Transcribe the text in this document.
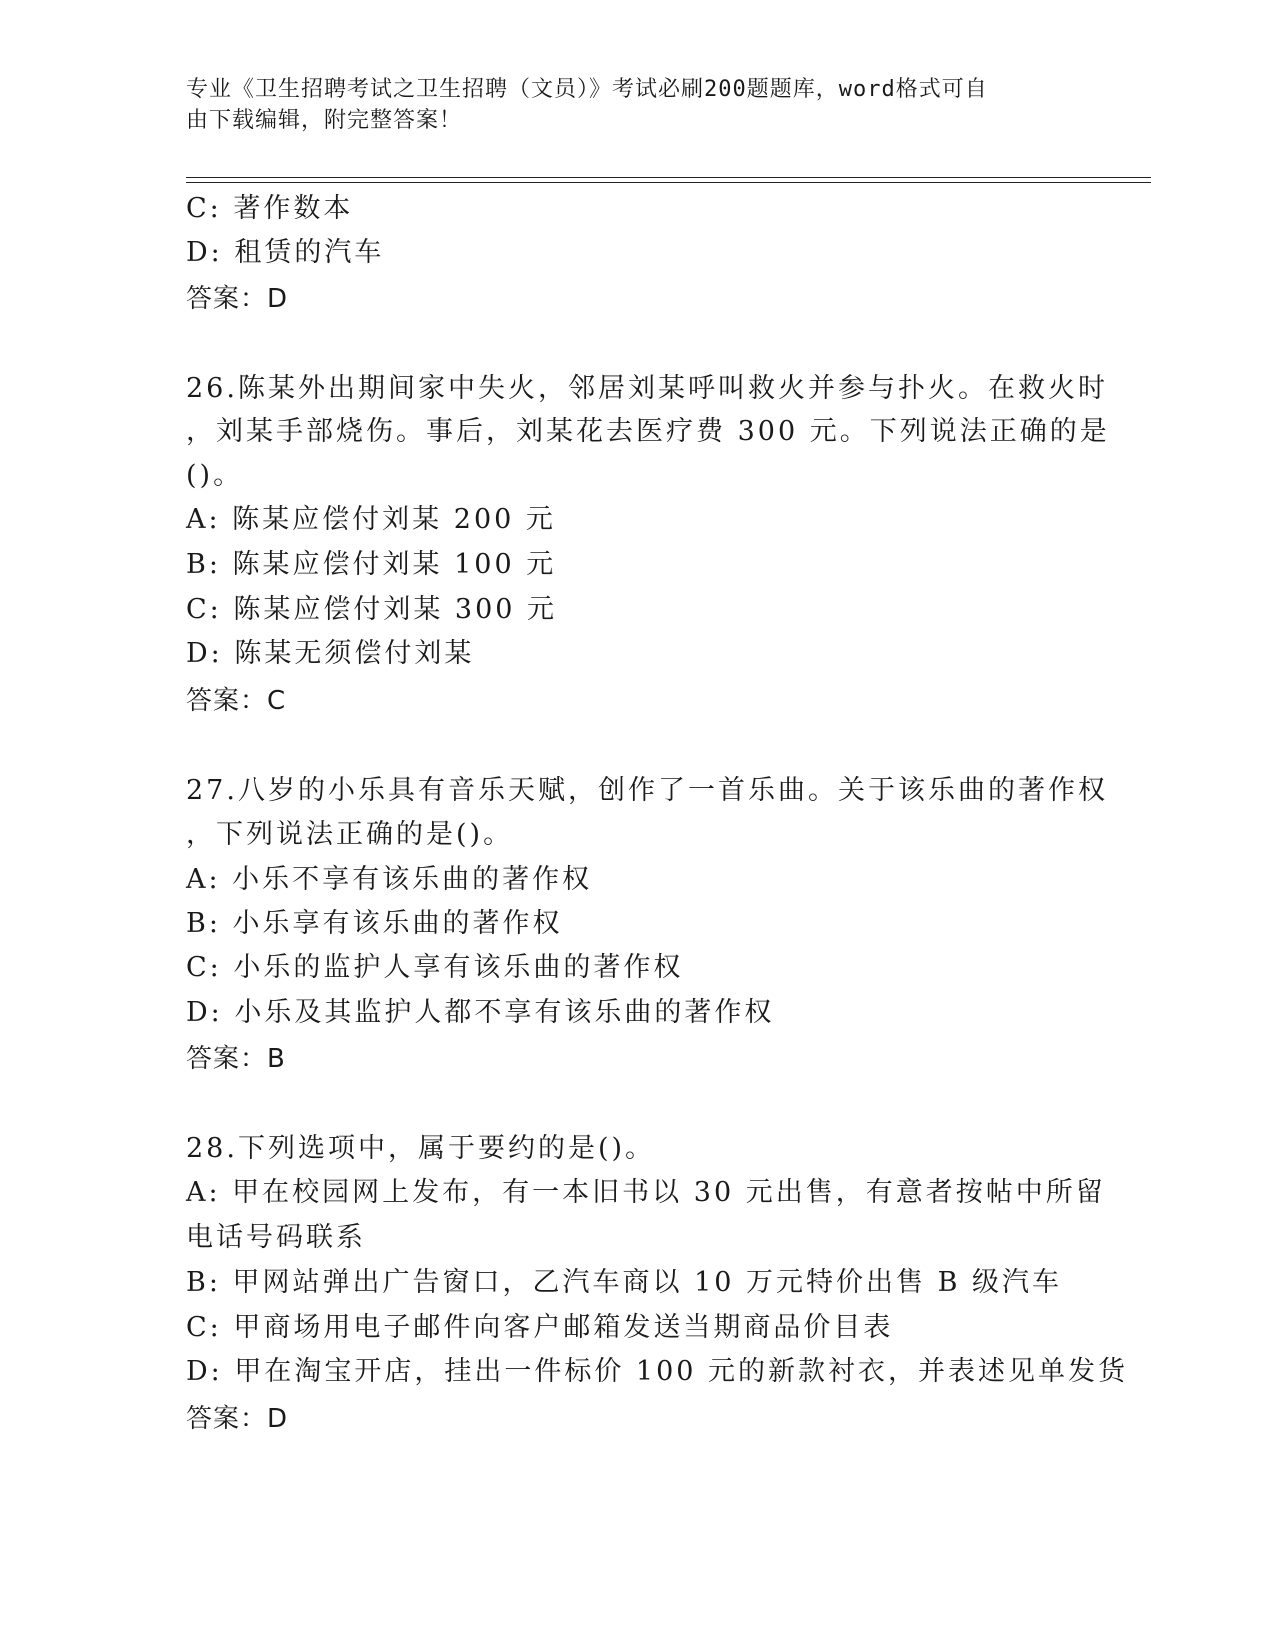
专业《卫生招聘考试之卫生招聘（文员）》考试必刷200题题库，word格式可自
由下载编辑，附完整答案！
C: 著作数本
D: 租赁的汽车
答案：D
26.陈某外出期间家中失火，邻居刘某呼叫救火并参与扑火。在救火时
，刘某手部烧伤。事后，刘某花去医疗费 300 元。下列说法正确的是
()。
A: 陈某应偿付刘某 200 元
B: 陈某应偿付刘某 100 元
C: 陈某应偿付刘某 300 元
D: 陈某无须偿付刘某
答案：C
27.八岁的小乐具有音乐天赋，创作了一首乐曲。关于该乐曲的著作权
，下列说法正确的是()。
A: 小乐不享有该乐曲的著作权
B: 小乐享有该乐曲的著作权
C: 小乐的监护人享有该乐曲的著作权
D: 小乐及其监护人都不享有该乐曲的著作权
答案：B
28.下列选项中，属于要约的是()。
A: 甲在校园网上发布，有一本旧书以 30 元出售，有意者按帖中所留
电话号码联系
B: 甲网站弹出广告窗口，乙汽车商以 10 万元特价出售 B 级汽车
C: 甲商场用电子邮件向客户邮箱发送当期商品价目表
D: 甲在淘宝开店，挂出一件标价 100 元的新款衬衣，并表述见单发货
答案：D
